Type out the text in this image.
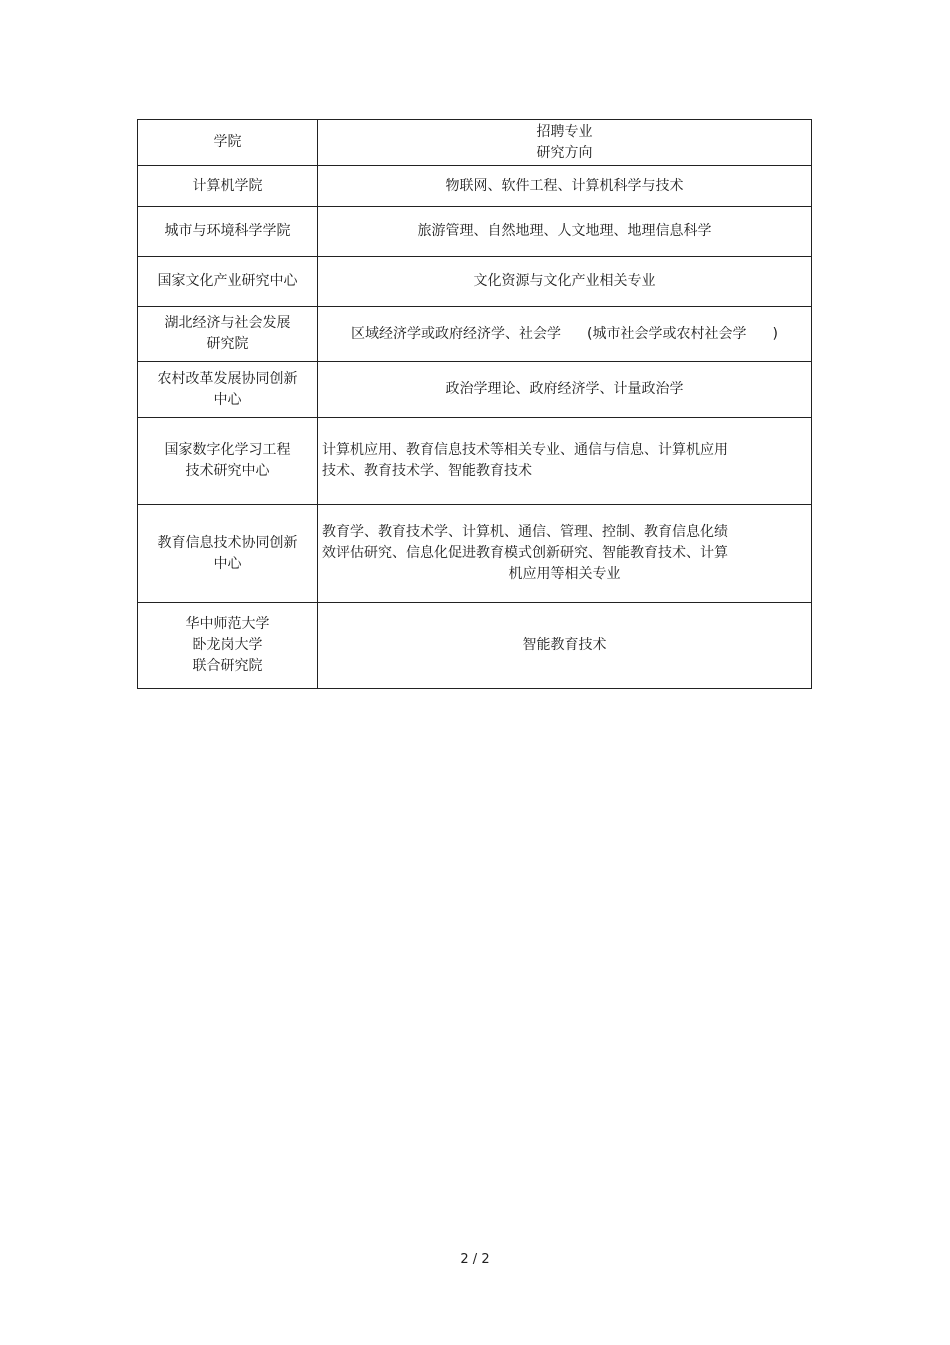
学院	招聘专业
研究方向

计算机学院	物联网、软件工程、计算机科学与技术

城市与环境科学学院	旅游管理、自然地理、人文地理、地理信息科学

国家文化产业研究中心	文化资源与文化产业相关专业

湖北经济与社会发展
研究院	区域经济学或政府经济学、社会学 (城市社会学或农村社会学 )

农村改革发展协同创新
中心	政治学理论、政府经济学、计量政治学

国家数字化学习工程
技术研究中心	计算机应用、教育信息技术等相关专业、通信与信息、计算机应用
技术、教育技术学、智能教育技术

教育信息技术协同创新
中心	教育学、教育技术学、计算机、通信、管理、控制、教育信息化绩
效评估研究、信息化促进教育模式创新研究、智能教育技术、计算
机应用等相关专业

华中师范大学
卧龙岗大学
联合研究院	智能教育技术
2 / 2
